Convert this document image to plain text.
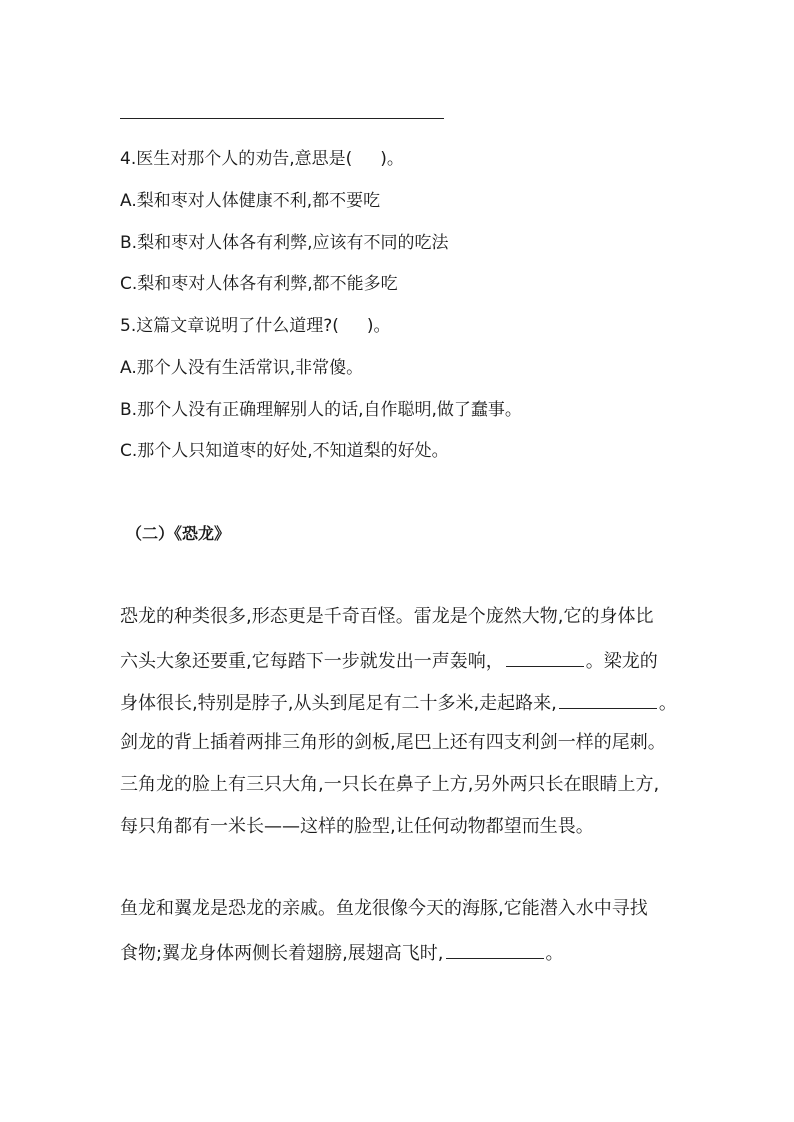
4.医生对那个人的劝告,意思是( )。
A.梨和枣对人体健康不利,都不要吃
B.梨和枣对人体各有利弊,应该有不同的吃法
C.梨和枣对人体各有利弊,都不能多吃
5.这篇文章说明了什么道理?( )。
A.那个人没有生活常识,非常傻。
B.那个人没有正确理解别人的话,自作聪明,做了蠢事。
C.那个人只知道枣的好处,不知道梨的好处。
（二）《恐龙》
恐龙的种类很多,形态更是千奇百怪。雷龙是个庞然大物,它的身体比
六头大象还要重,它每踏下一步就发出一声轰响，	。梁龙的
身体很长,特别是脖子,从头到尾足有二十多米,走起路来,	。
剑龙的背上插着两排三角形的剑板,尾巴上还有四支利剑一样的尾刺。
三角龙的脸上有三只大角,一只长在鼻子上方,另外两只长在眼睛上方,
每只角都有一米长——这样的脸型,让任何动物都望而生畏。
鱼龙和翼龙是恐龙的亲戚。鱼龙很像今天的海豚,它能潜入水中寻找
食物;翼龙身体两侧长着翅膀,展翅高飞时,	。
